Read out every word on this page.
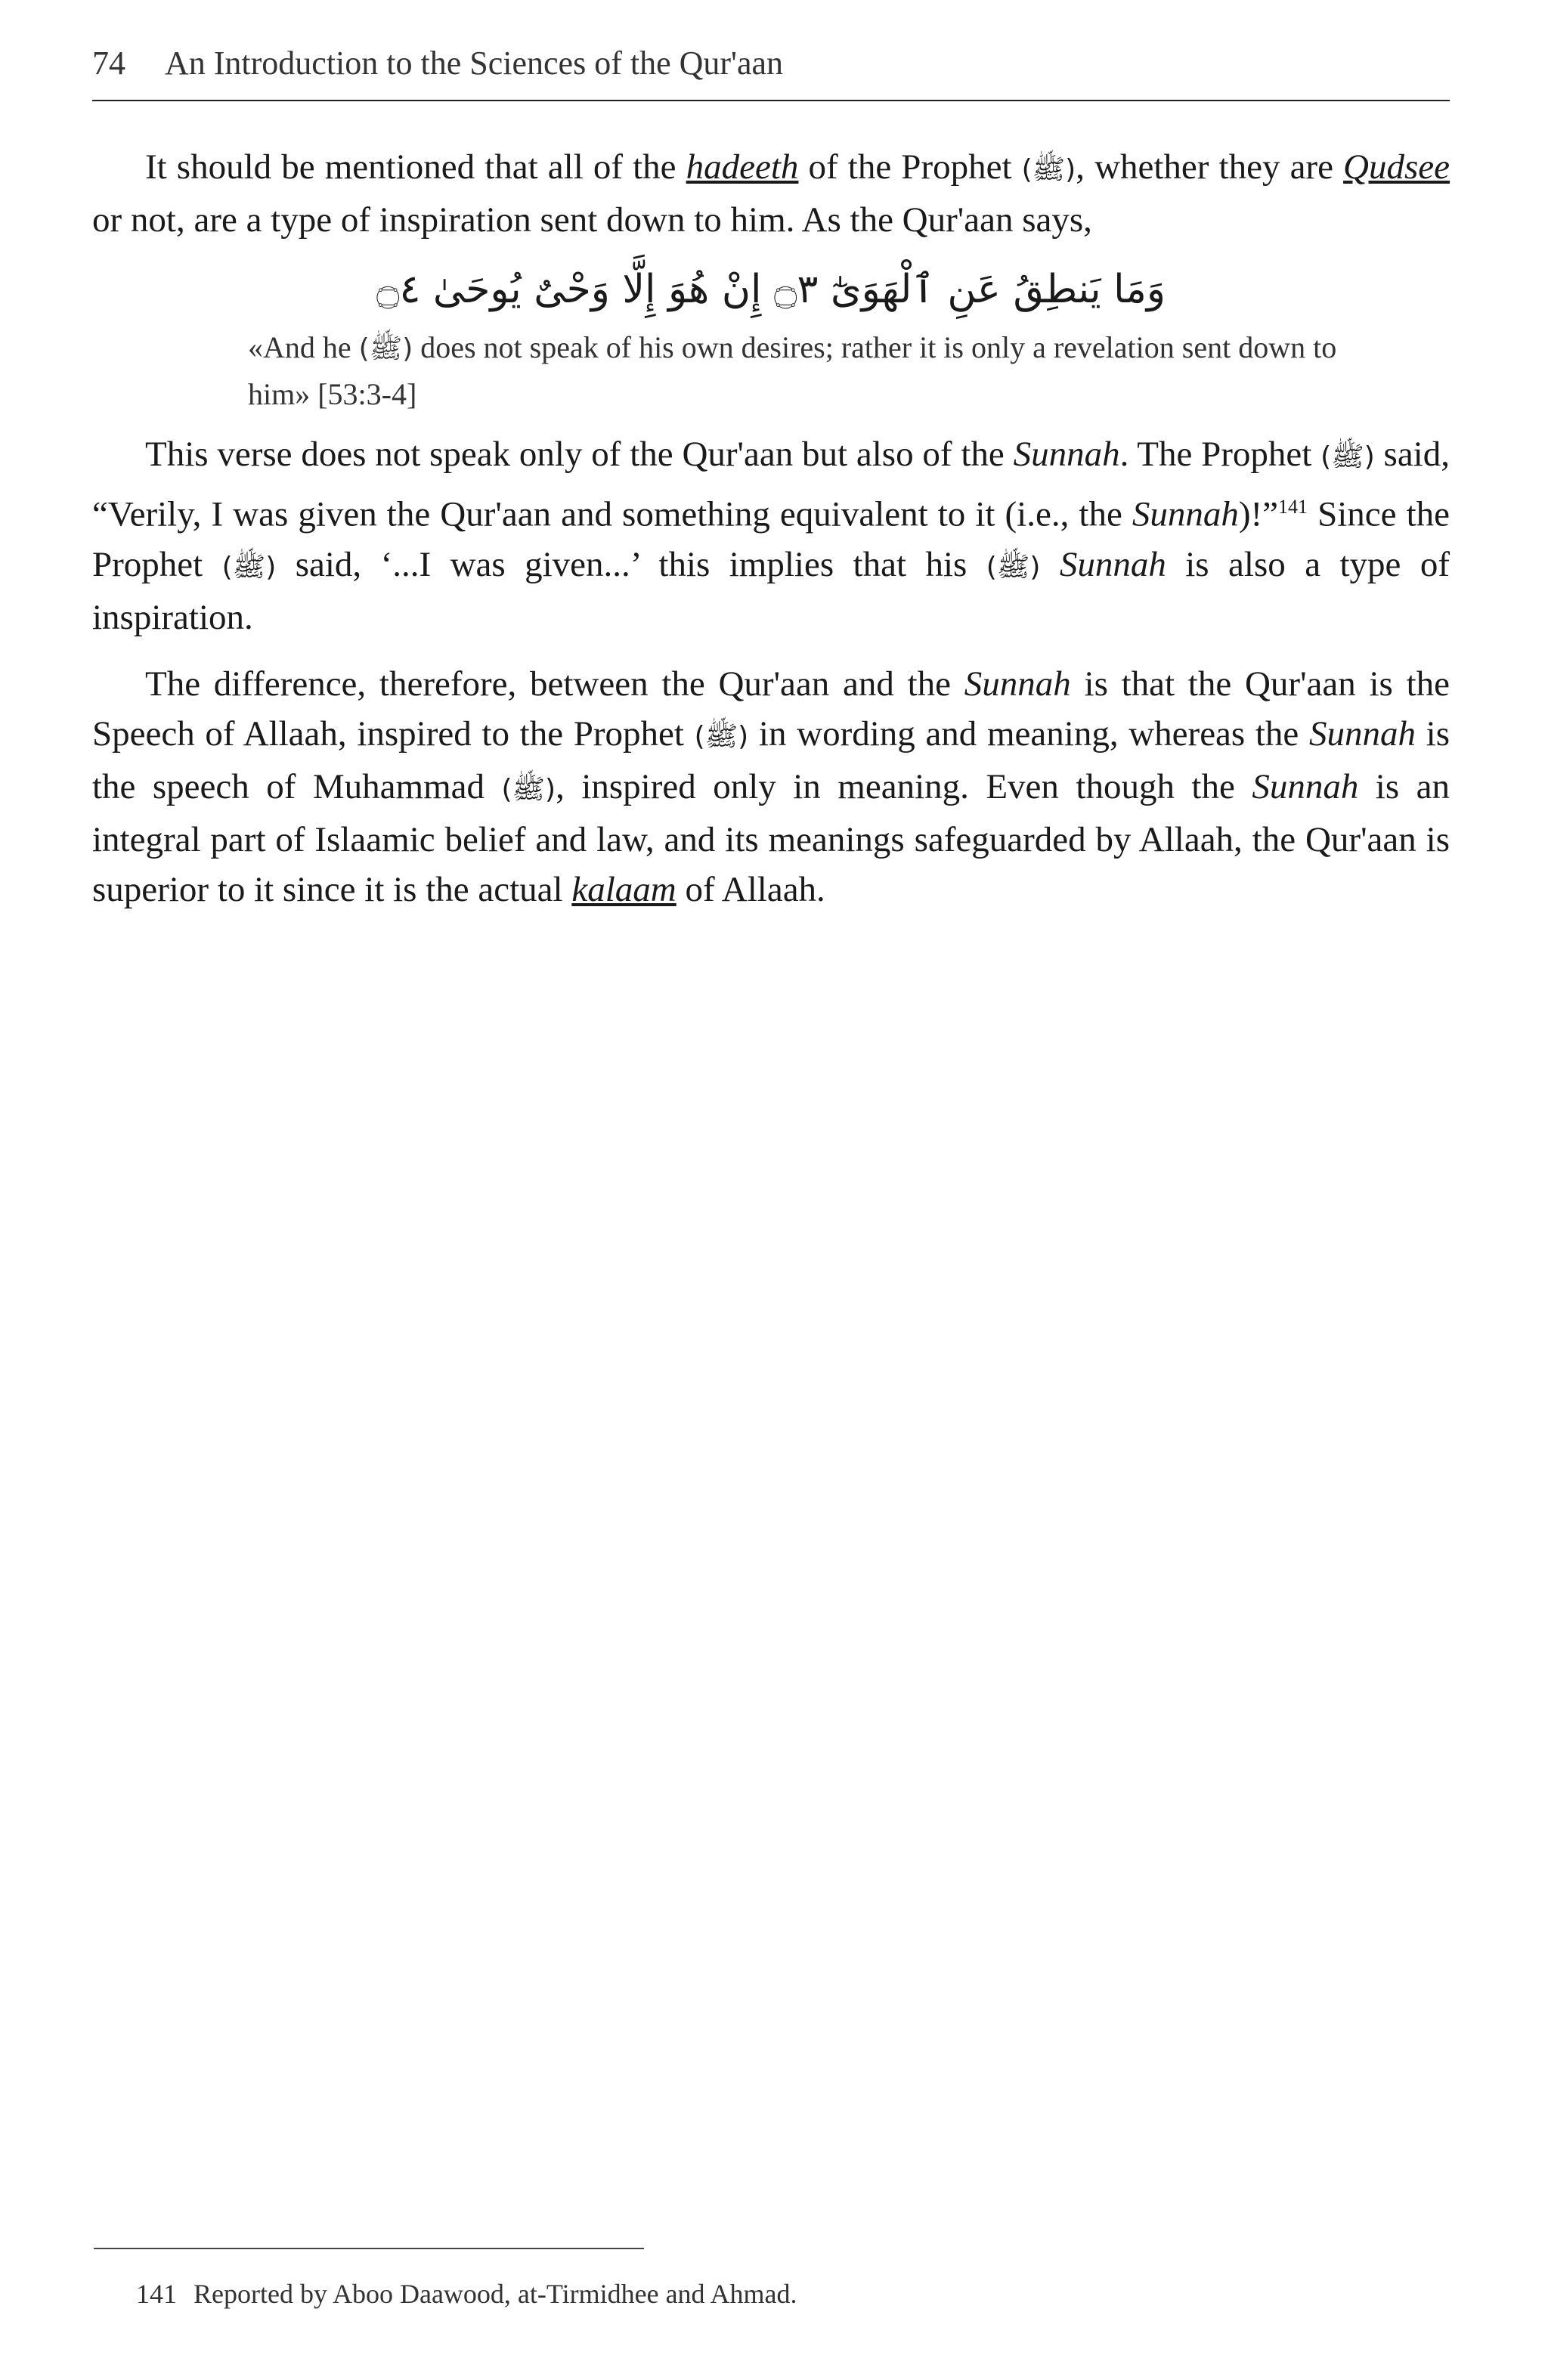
74 An Introduction to the Sciences of the Qur'aan

It should be mentioned that all of the hadeeth of the Prophet (ﷺ), whether they are Qudsee or not, are a type of inspiration sent down to him. As the Qur'aan says,

وَمَا يَنطِقُ عَنِ ٱلْهَوَىٰٓ ۝٣ إِنْ هُوَ إِلَّا وَحْىٌ يُوحَىٰ ۝٤

«And he (ﷺ) does not speak of his own desires; rather it is only a revelation sent down to him» [53:3-4]

This verse does not speak only of the Qur'aan but also of the Sunnah. The Prophet (ﷺ) said, “Verily, I was given the Qur'aan and something equivalent to it (i.e., the Sunnah)!”$^{141}$ Since the Prophet (ﷺ) said, ‘...I was given...’ this implies that his (ﷺ) Sunnah is also a type of inspiration.

The difference, therefore, between the Qur'aan and the Sunnah is that the Qur'aan is the Speech of Allaah, inspired to the Prophet (ﷺ) in wording and meaning, whereas the Sunnah is the speech of Muhammad (ﷺ), inspired only in meaning. Even though the Sunnah is an integral part of Islaamic belief and law, and its meanings safeguarded by Allaah, the Qur'aan is superior to it since it is the actual kalaam of Allaah.

141 Reported by Aboo Daawood, at-Tirmidhee and Ahmad.
